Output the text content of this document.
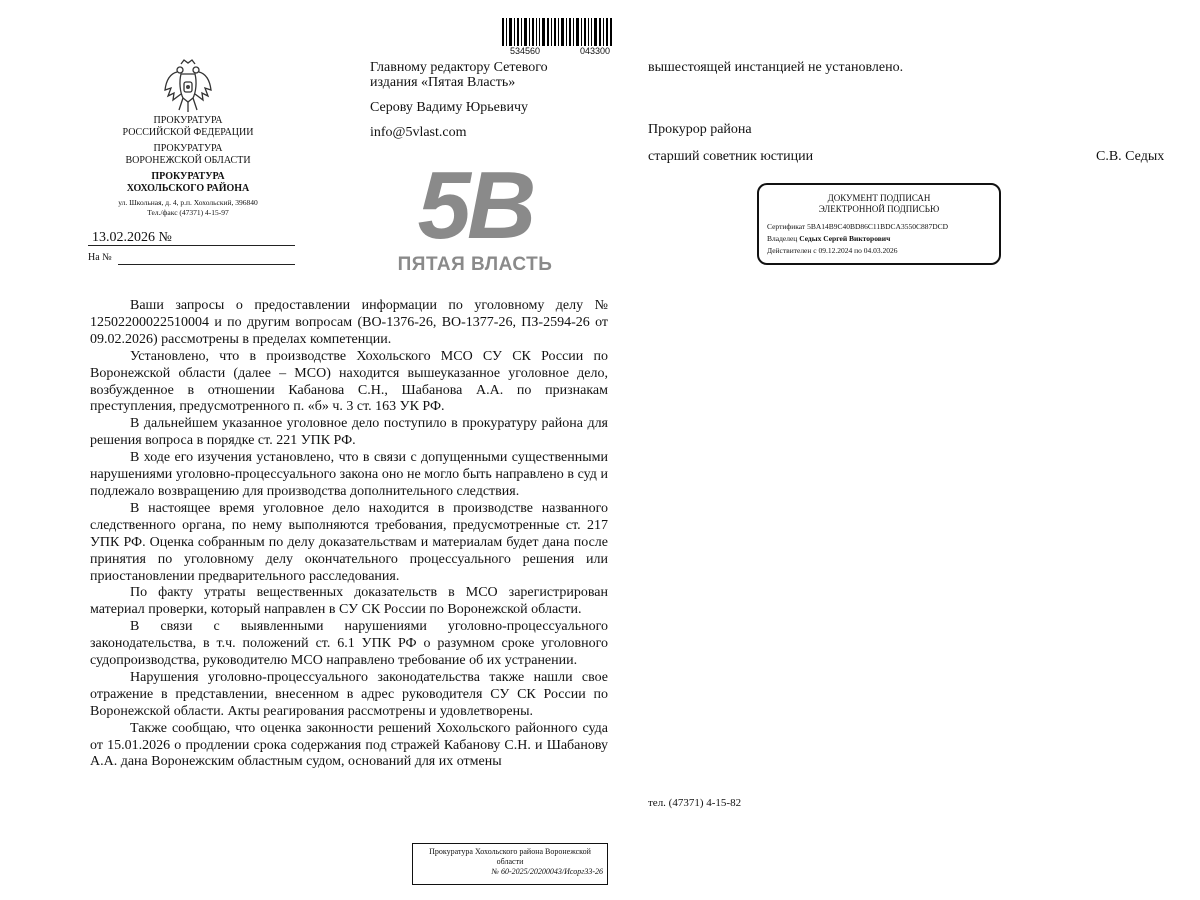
534560	043300
ПРОКУРАТУРА
РОССИЙСКОЙ ФЕДЕРАЦИИ
ПРОКУРАТУРА
ВОРОНЕЖСКОЙ ОБЛАСТИ
ПРОКУРАТУРА
ХОХОЛЬСКОГО РАЙОНА
ул. Школьная, д. 4, р.п. Хохольский, 396840
Тел./факс (47371) 4-15-97
13.02.2026 №
На №
Главному редактору Сетевого
издания «Пятая Власть»
Серову Вадиму Юрьевичу
info@5vlast.com
5B
ПЯТАЯ ВЛАСТЬ

Ваши запросы о предоставлении информации по уголовному делу № 12502200022510004 и по другим вопросам (ВО-1376-26, ВО-1377-26, ПЗ-2594-26 от 09.02.2026) рассмотрены в пределах компетенции.

Установлено, что в производстве Хохольского МСО СУ СК России по Воронежской области (далее – МСО) находится вышеуказанное уголовное дело, возбужденное в отношении Кабанова С.Н., Шабанова А.А. по признакам преступления, предусмотренного п. «б» ч. 3 ст. 163 УК РФ.

В дальнейшем указанное уголовное дело поступило в прокуратуру района для решения вопроса в порядке ст. 221 УПК РФ.

В ходе его изучения установлено, что в связи с допущенными существенными нарушениями уголовно-процессуального закона оно не могло быть направлено в суд и подлежало возвращению для производства дополнительного следствия.

В настоящее время уголовное дело находится в производстве названного следственного органа, по нему выполняются требования, предусмотренные ст. 217 УПК РФ. Оценка собранным по делу доказательствам и материалам будет дана после принятия по уголовному делу окончательного процессуального решения или приостановлении предварительного расследования.

По факту утраты вещественных доказательств в МСО зарегистрирован материал проверки, который направлен в СУ СК России по Воронежской области.

В связи с выявленными нарушениями уголовно-процессуального законодательства, в т.ч. положений ст. 6.1 УПК РФ о разумном сроке уголовного судопроизводства, руководителю МСО направлено требование об их устранении.

Нарушения уголовно-процессуального законодательства также нашли свое отражение в представлении, внесенном в адрес руководителя СУ СК России по Воронежской области. Акты реагирования рассмотрены и удовлетворены.

Также сообщаю, что оценка законности решений Хохольского районного суда от 15.01.2026 о продлении срока содержания под стражей Кабанову С.Н. и Шабанову А.А. дана Воронежским областным судом, оснований для их отмены

Прокуратура Хохольского района Воронежской
области
№ 60-2025/20200043/Исорг33-26
вышестоящей инстанцией не установлено.
Прокурор района
старший советник юстиции	С.В. Седых
ДОКУМЕНТ ПОДПИСАН
ЭЛЕКТРОННОЙ ПОДПИСЬЮ
Сертификат 5BA14B9C40BD86C11BDCA3550C887DCD
Владелец Седых Сергей Викторович
Действителен с 09.12.2024 по 04.03.2026
тел. (47371) 4-15-82
